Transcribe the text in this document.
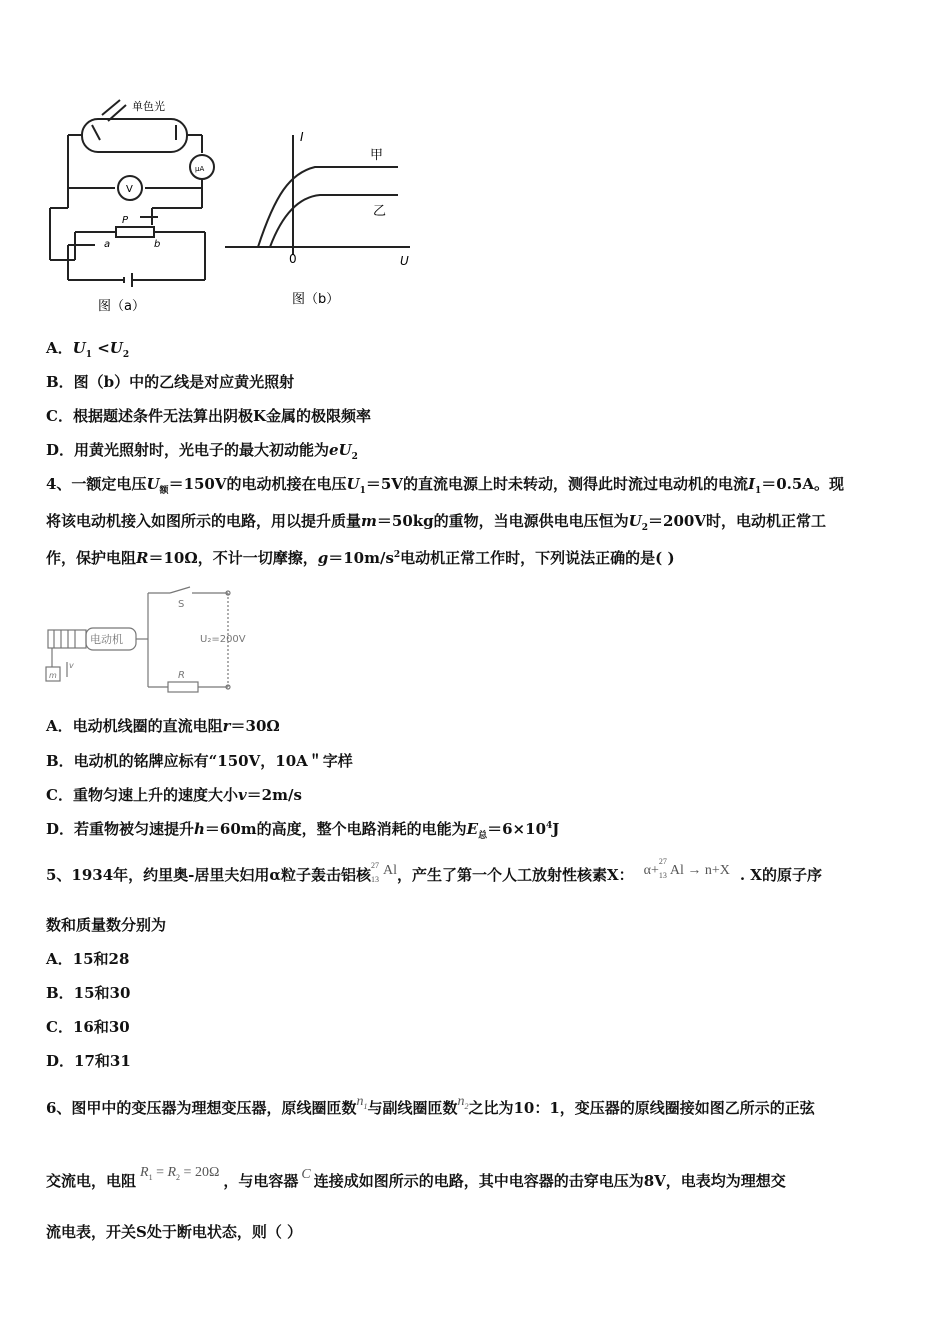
单色光
μA
V
P
a	b
图（a）
I
U
0
甲
乙
图（b）
A．$U_1 <U_2$
B．图（b）中的乙线是对应黄光照射
C．根据题述条件无法算出阴极K金属的极限频率
D．用黄光照射时，光电子的最大初动能为$eU_2$
4、一额定电压$U_额=150V$的电动机接在电压$U_1=5V$的直流电源上时未转动，测得此时流过电动机的电流$I_1=0.5A$。现
将该电动机接入如图所示的电路，用以提升质量m＝50kg的重物，当电源供电电压恒为$U_2=200V$时，电动机正常工
作，保护电阻R＝10Ω，不计一切摩擦，$g=10m/s^2$电动机正常工作时，下列说法正确的是( )
电动机
S
U₂=200V
R
m
v
A．电动机线圈的直流电阻r＝30Ω
B．电动机的铭牌应标有“150V，10A＂字样
C．重物匀速上升的速度大小v＝2m/s
D．若重物被匀速提升h＝60m的高度，整个电路消耗的电能为$E_总=6\times 10^4J$
5、1934年，约里奥-居里夫妇用α粒子轰击铝核
27
13
Al，产生了第一个人工放射性核素X： α+
27
13 Al → n+X . X的原子序
数和质量数分别为
A．15和28
B．15和30
C．16和30
D．17和31
6、图甲中的变压器为理想变压器，原线圈匝数$n_1$与副线圈匝数$n_2$之比为10：1，变压器的原线圈接如图乙所示的正弦
交流电，电阻 $R_1 = R_2 = 20\Omega$ ，与电容器 C 连接成如图所示的电路，其中电容器的击穿电压为8V，电表均为理想交
流电表，开关S处于断电状态，则（ ）
